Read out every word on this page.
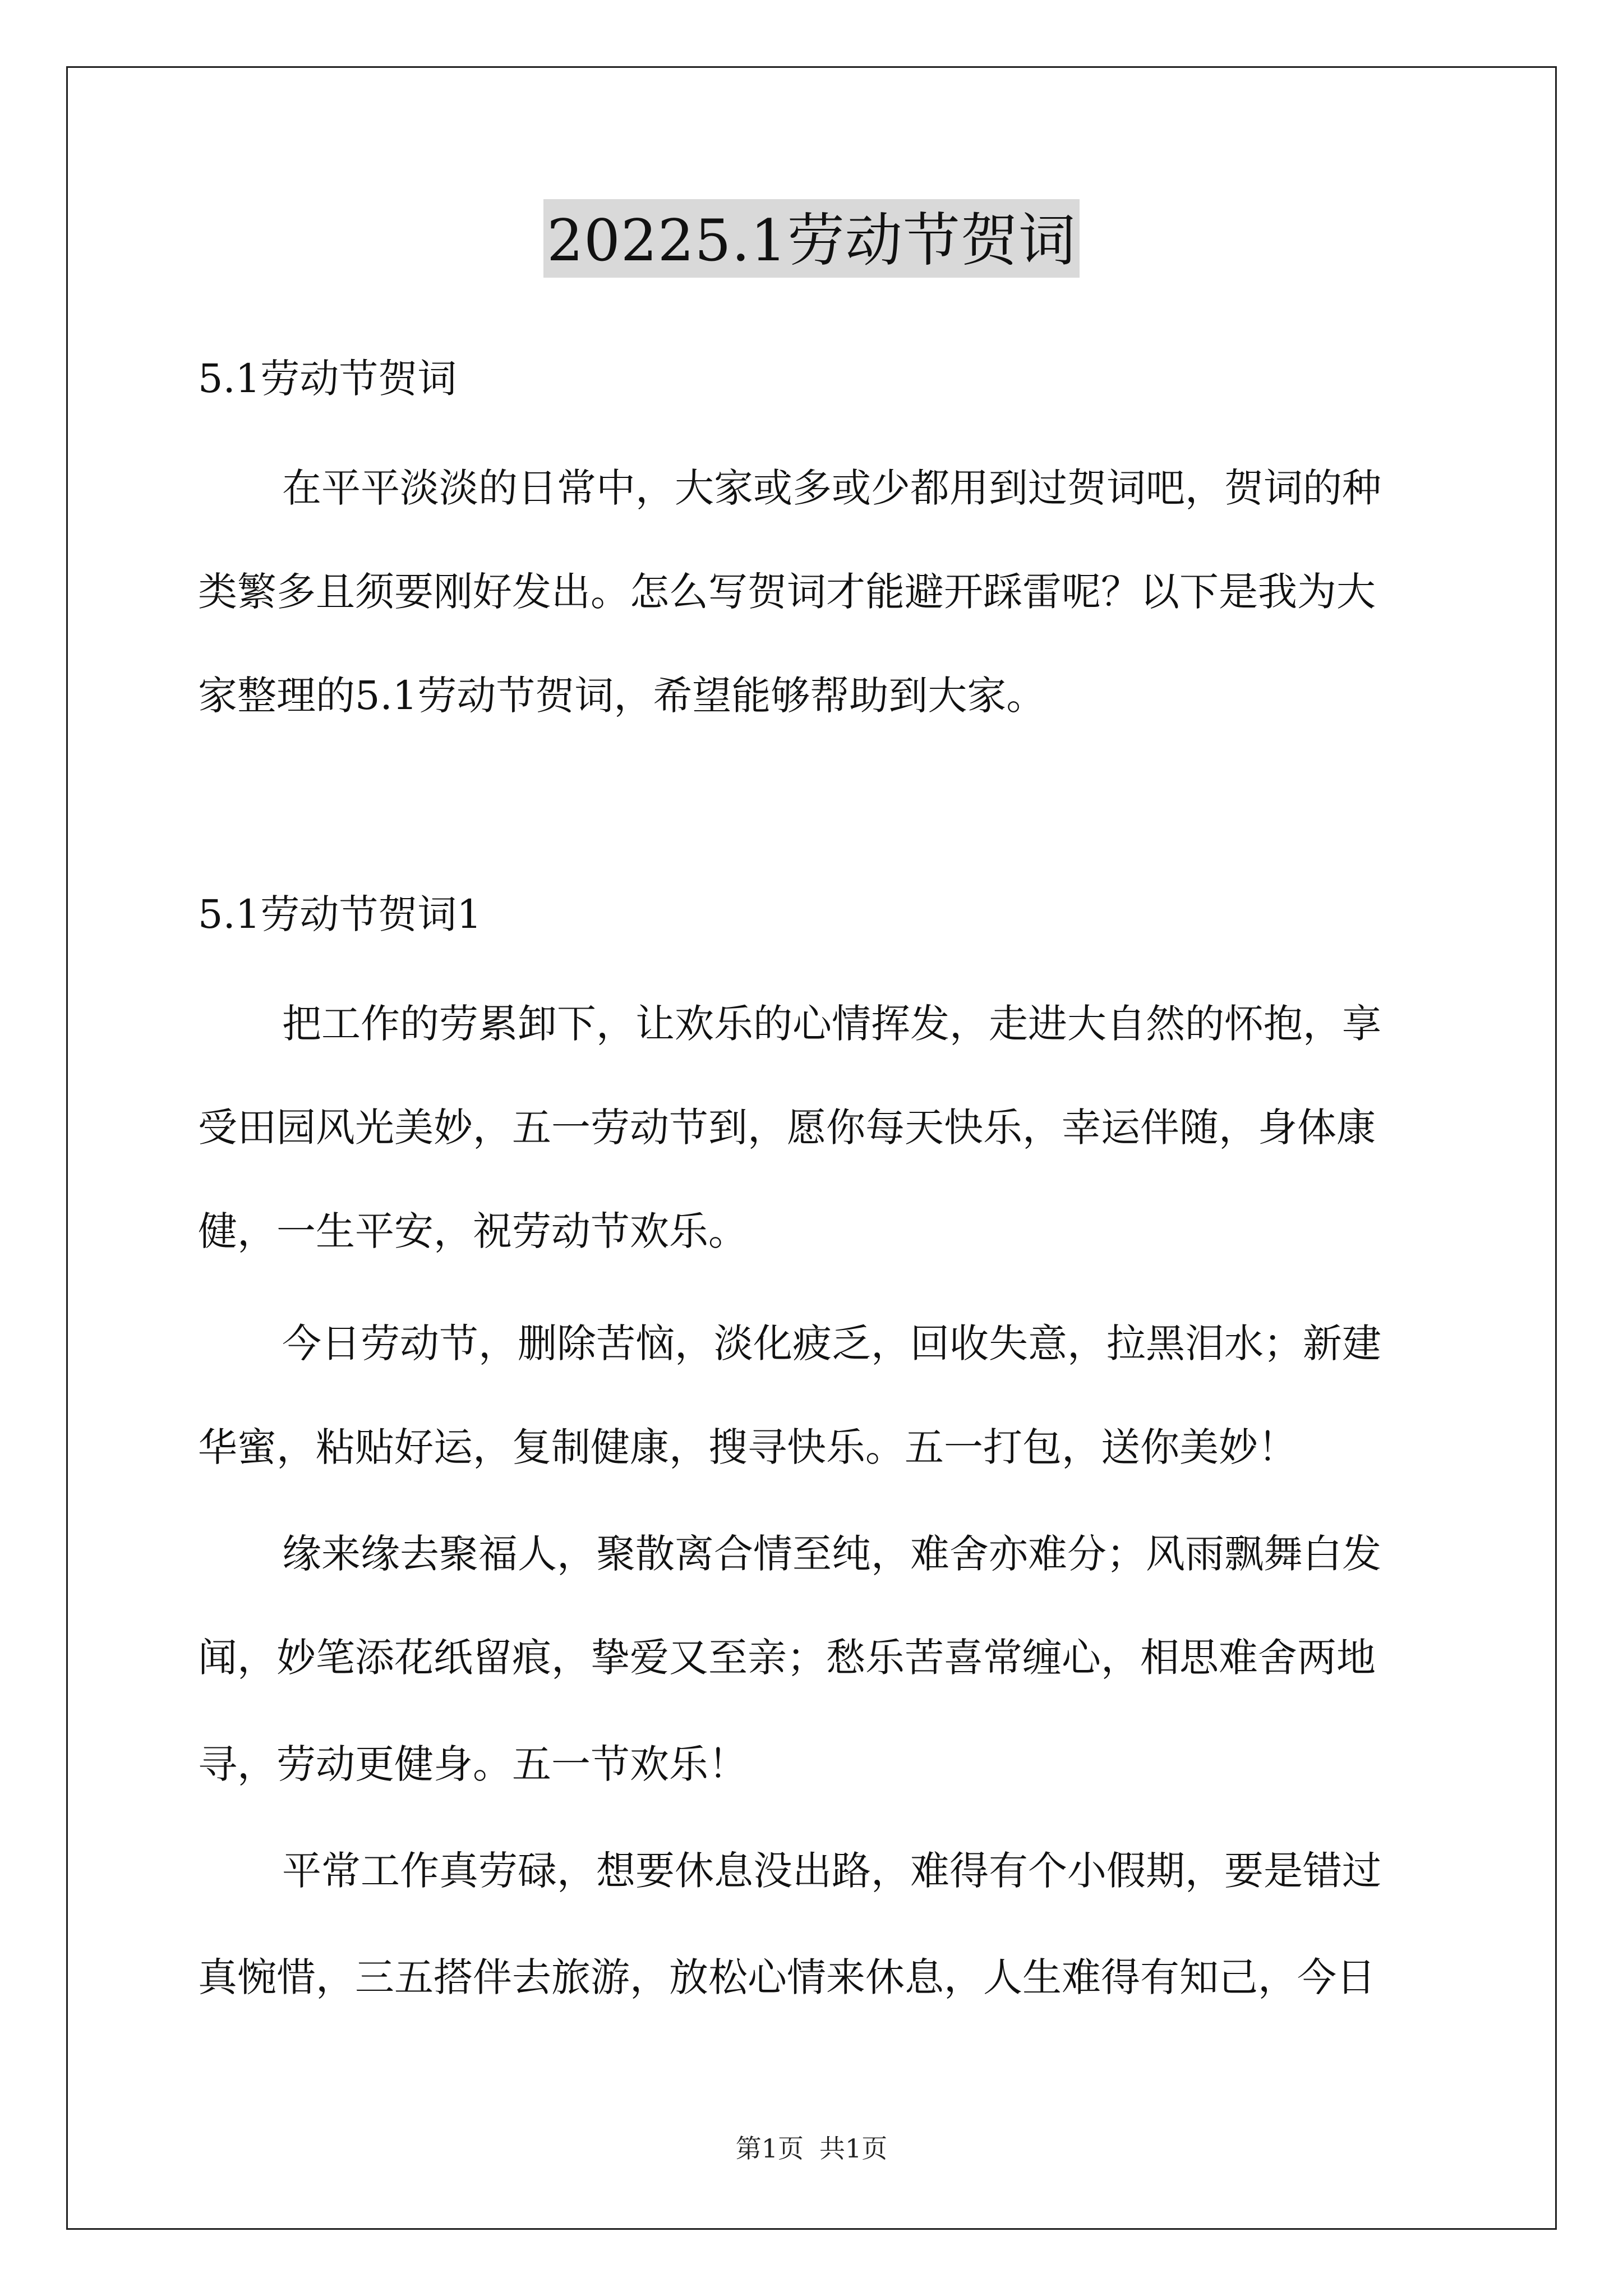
20225.1劳动节贺词
5.1劳动节贺词
在平平淡淡的日常中，大家或多或少都用到过贺词吧，贺词的种
类繁多且须要刚好发出。怎么写贺词才能避开踩雷呢？以下是我为大
家整理的5.1劳动节贺词，希望能够帮助到大家。
5.1劳动节贺词1
把工作的劳累卸下，让欢乐的心情挥发，走进大自然的怀抱，享
受田园风光美妙，五一劳动节到，愿你每天快乐，幸运伴随，身体康
健，一生平安，祝劳动节欢乐。
今日劳动节，删除苦恼，淡化疲乏，回收失意，拉黑泪水；新建
华蜜，粘贴好运，复制健康，搜寻快乐。五一打包，送你美妙！
缘来缘去聚福人，聚散离合情至纯，难舍亦难分；风雨飘舞白发
闻，妙笔添花纸留痕，挚爱又至亲；愁乐苦喜常缠心，相思难舍两地
寻，劳动更健身。五一节欢乐！
平常工作真劳碌，想要休息没出路，难得有个小假期，要是错过
真惋惜，三五搭伴去旅游，放松心情来休息，人生难得有知己，今日
第1页 共1页
